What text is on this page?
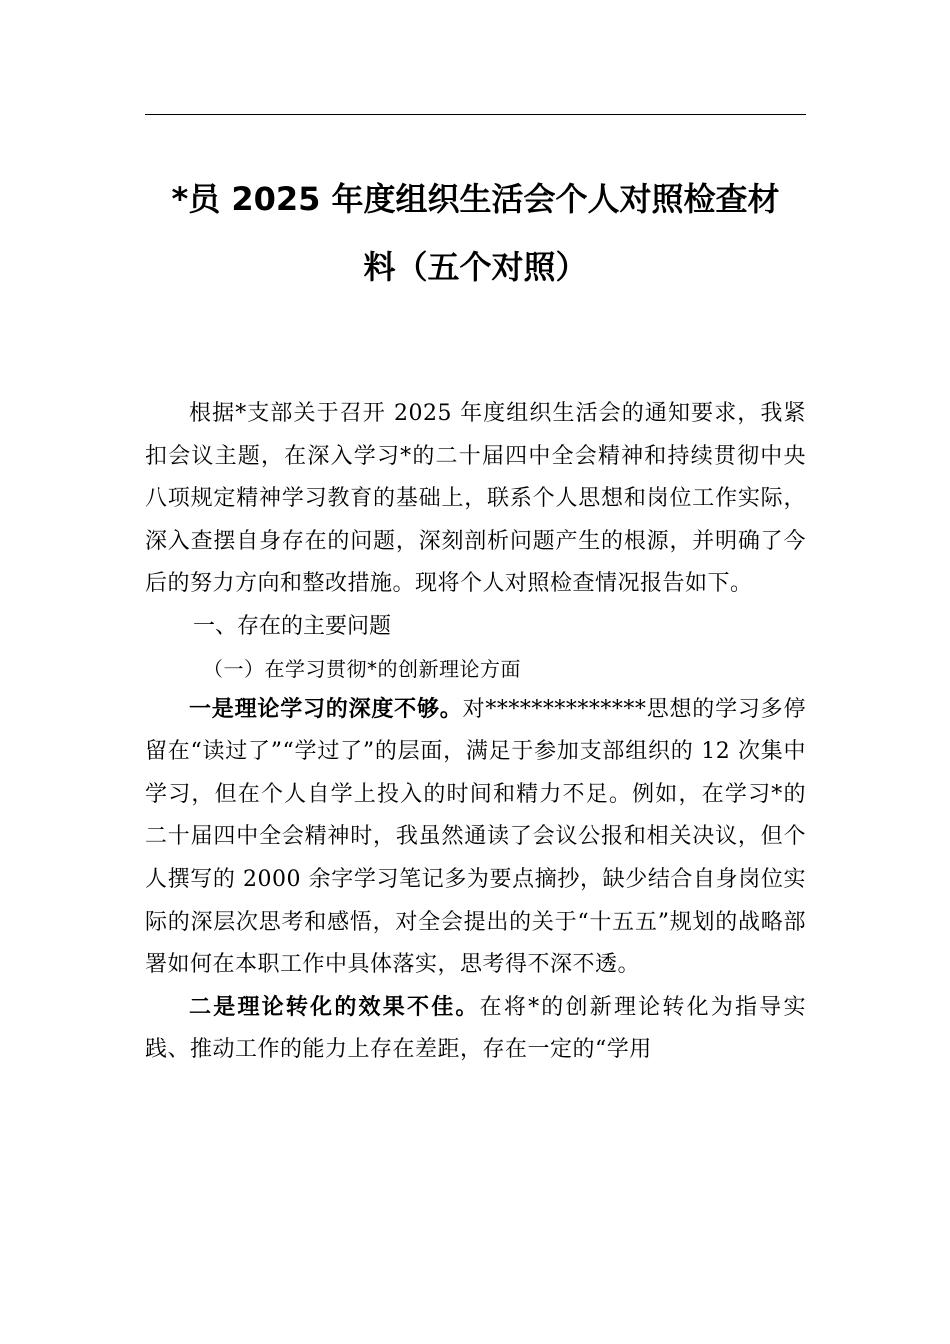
*员 2025 年度组织生活会个人对照检查材
料（五个对照）

根据*支部关于召开 2025 年度组织生活会的通知要求，我紧扣会议主题，在深入学习*的二十届四中全会精神和持续贯彻中央八项规定精神学习教育的基础上，联系个人思想和岗位工作实际，深入查摆自身存在的问题，深刻剖析问题产生的根源，并明确了今后的努力方向和整改措施。现将个人对照检查情况报告如下。

一、存在的主要问题

（一）在学习贯彻*的创新理论方面

一是理论学习的深度不够。对**************思想的学习多停留在“读过了”“学过了”的层面，满足于参加支部组织的 12 次集中学习，但在个人自学上投入的时间和精力不足。例如，在学习*的二十届四中全会精神时，我虽然通读了会议公报和相关决议，但个人撰写的 2000 余字学习笔记多为要点摘抄，缺少结合自身岗位实际的深层次思考和感悟，对全会提出的关于“十五五”规划的战略部署如何在本职工作中具体落实，思考得不深不透。

二是理论转化的效果不佳。在将*的创新理论转化为指导实践、推动工作的能力上存在差距，存在一定的“学用
